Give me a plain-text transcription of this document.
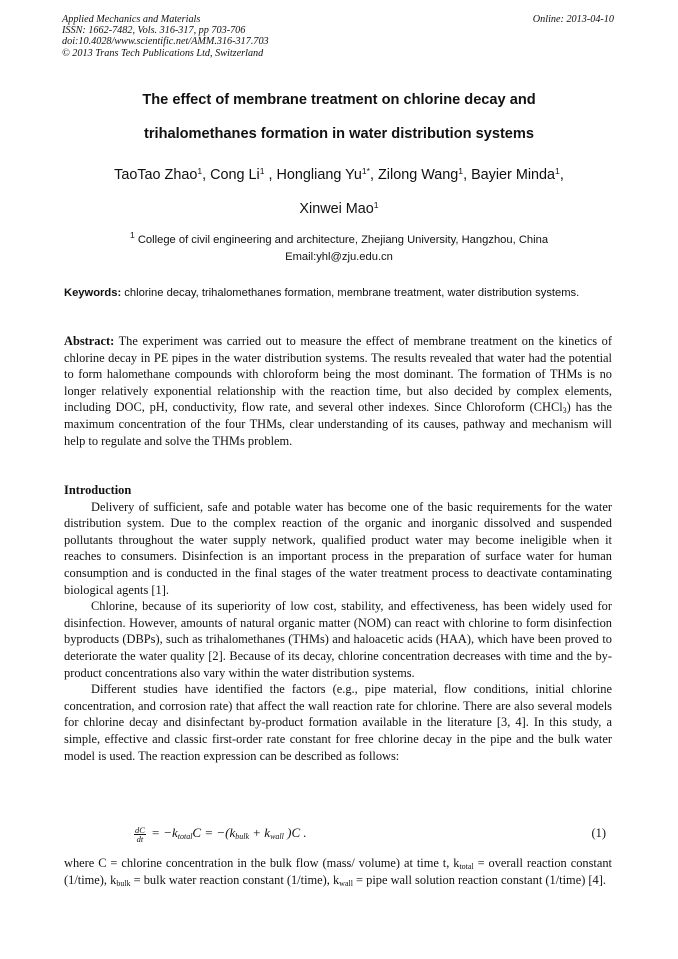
Applied Mechanics and Materials
ISSN: 1662-7482, Vols. 316-317, pp 703-706
doi:10.4028/www.scientific.net/AMM.316-317.703
© 2013 Trans Tech Publications Ltd, Switzerland
Online: 2013-04-10
The effect of membrane treatment on chlorine decay and
trihalomethanes formation in water distribution systems
TaoTao Zhao$^1$, Cong Li$^1$ , Hongliang $Yu^{1*}$, Zilong Wang$^1$, Bayier Minda$^1$,
Xinwei Mao$^1$
$^1$ College of civil engineering and architecture, Zhejiang University, Hangzhou, China
Email:yhl@zju.edu.cn
Keywords: chlorine decay, trihalomethanes formation, membrane treatment, water distribution systems.

Abstract: The experiment was carried out to measure the effect of membrane treatment on the kinetics of chlorine decay in PE pipes in the water distribution systems. The results revealed that water had the potential to form halomethane compounds with chloroform being the most dominant. The formation of THMs is no longer relatively exponential relationship with the reaction time, but also decided by complex elements, including DOC, pH, conductivity, flow rate, and several other indexes. Since Chloroform (CHCl$_3$) has the maximum concentration of the four THMs, clear understanding of its causes, pathway and mechanism will help to regulate and solve the THMs problem.

Introduction

Delivery of sufficient, safe and potable water has become one of the basic requirements for the water distribution system. Due to the complex reaction of the organic and inorganic dissolved and suspended pollutants throughout the water supply network, qualified product water may become ineligible when it reaches to consumers. Disinfection is an important process in the preparation of surface water for human consumption and is conducted in the final stages of the water treatment process to deactivate contaminating biological agents [1].

Chlorine, because of its superiority of low cost, stability, and effectiveness, has been widely used for disinfection. However, amounts of natural organic matter (NOM) can react with chlorine to form disinfection byproducts (DBPs), such as trihalomethanes (THMs) and haloacetic acids (HAA), which have been proved to deteriorate the water quality [2]. Because of its decay, chlorine concentration decreases with time and the by-product concentrations also vary within the water distribution systems.

Different studies have identified the factors (e.g., pipe material, flow conditions, initial chlorine concentration, and corrosion rate) that affect the wall reaction rate for chlorine. There are also several models for chlorine decay and disinfectant by-product formation available in the literature [3, 4]. In this study, a simple, effective and classic first-order rate constant for free chlorine decay in the pipe and the bulk water model is used. The reaction expression can be described as follows:

$\frac{dC}{dt} = -k_{total}C = -(k_{bulk} + k_{wall}$ )C .	(1)

where C = chlorine concentration in the bulk flow (mass/ volume) at time t, $k_{total}$ = overall reaction constant (1/time), $k_{bulk}$ = bulk water reaction constant (1/time), $k_{wall}$ = pipe wall solution reaction constant (1/time) [4].
